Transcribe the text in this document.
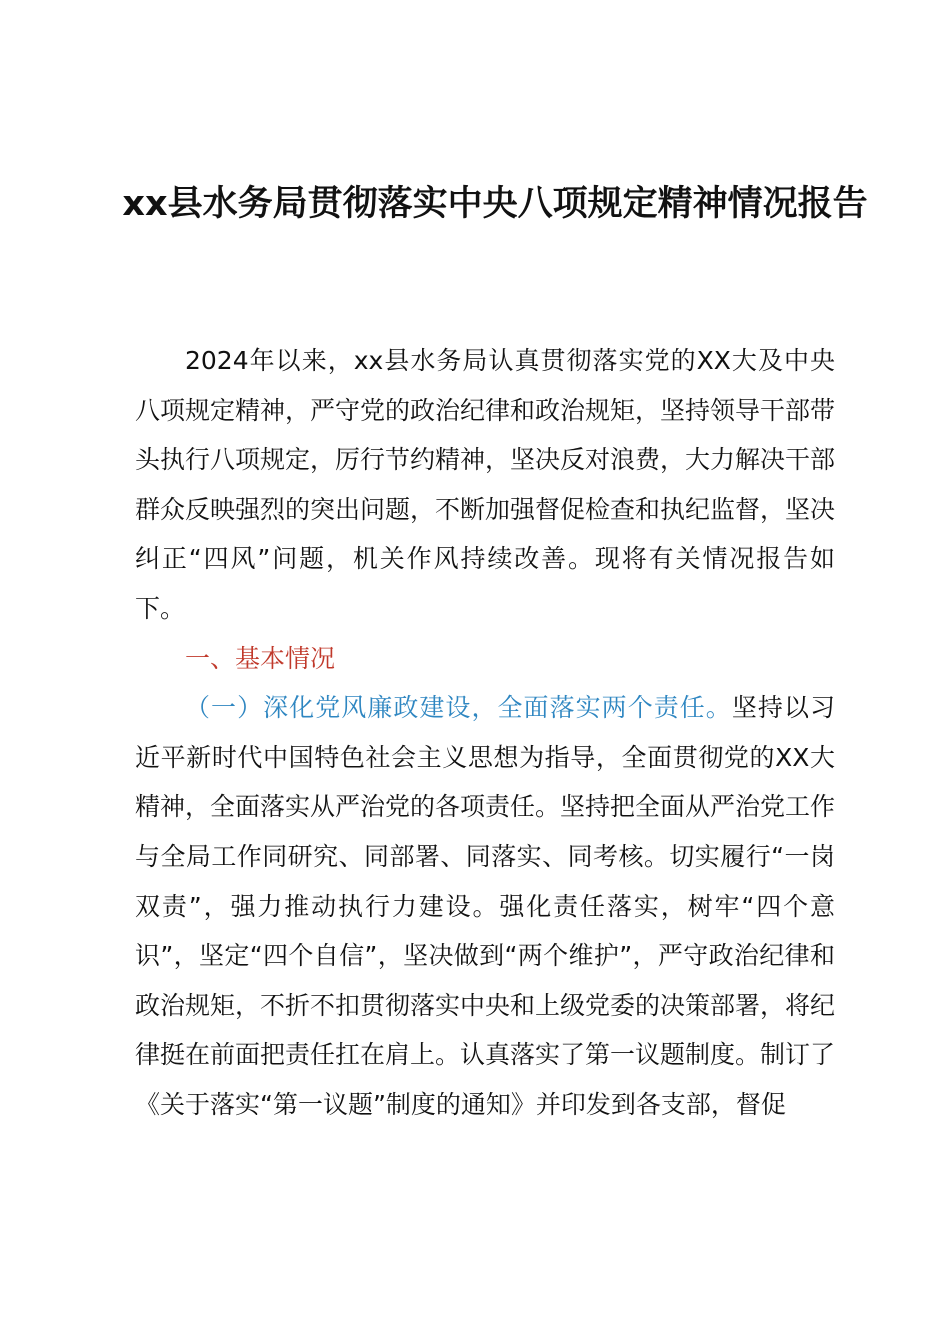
xx县水务局贯彻落实中央八项规定精神情况报告

2024年以来，xx县水务局认真贯彻落实党的XX大及中央八项规定精神，严守党的政治纪律和政治规矩，坚持领导干部带头执行八项规定，厉行节约精神，坚决反对浪费，大力解决干部群众反映强烈的突出问题，不断加强督促检查和执纪监督，坚决纠正“四风”问题，机关作风持续改善。现将有关情况报告如下。

一、基本情况

（一）深化党风廉政建设，全面落实两个责任。坚持以习近平新时代中国特色社会主义思想为指导，全面贯彻党的XX大精神，全面落实从严治党的各项责任。坚持把全面从严治党工作与全局工作同研究、同部署、同落实、同考核。切实履行“一岗双责”，强力推动执行力建设。强化责任落实，树牢“四个意识”，坚定“四个自信”，坚决做到“两个维护”，严守政治纪律和政治规矩，不折不扣贯彻落实中央和上级党委的决策部署，将纪律挺在前面把责任扛在肩上。认真落实了第一议题制度。制订了《关于落实“第一议题”制度的通知》并印发到各支部，督促
